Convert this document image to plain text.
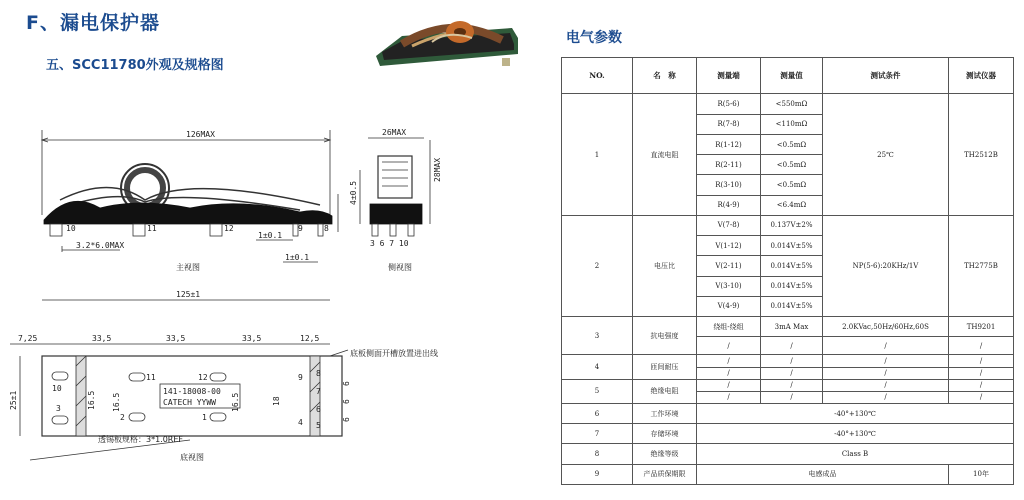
F、漏电保护器
五、SCC11780外观及规格图
电气参数
126MAX
10	11	12	9	8
3.2*6.0MAX
1±0.1
1±0.1
主视图
26MAX
28MAX
4±0.5
3 6 7 10
侧视图
125±1
7,25	33,5	33,5	33,5	12,5
10
3
11
2
12
1
9
4
8
7
6
5
25±1	16.5 16.5	16.5	18
6
6
6
141-18008-00
CATECH YYWW
透锡板规格：3*1.0REF
底板侧面开槽放置进出线
底视图
NO.	名　称	测量端	测量值	测试条件	测试仪器
1	直流电阻	R(5-6)	<550mΩ	25℃	TH2512B
		R(7-8)	<110mΩ		
		R(1-12)	<0.5mΩ		
		R(2-11)	<0.5mΩ		
		R(3-10)	<0.5mΩ		
		R(4-9)	<6.4mΩ		
2	电压比	V(7-8)	0.137V±2%	NP(5-6):20KHz/1V	TH2775B
		V(1-12)	0.014V±5%		
		V(2-11)	0.014V±5%		
		V(3-10)	0.014V±5%		
		V(4-9)	0.014V±5%		
3	抗电强度	绕组-绕组	3mA Max	2.0KVac,50Hz/60Hz,60S	TH9201
		/	/	/	/
4	匝间耐压	/	/	/	/
		/	/	/	/
5	绝缘电阻	/	/	/	/
		/	/	/	/
6	工作环境	-40°+130℃			
7	存储环境	-40°+130℃			
8	绝缘等级	Class B			
9	产品质保期限	电感成品			10年
